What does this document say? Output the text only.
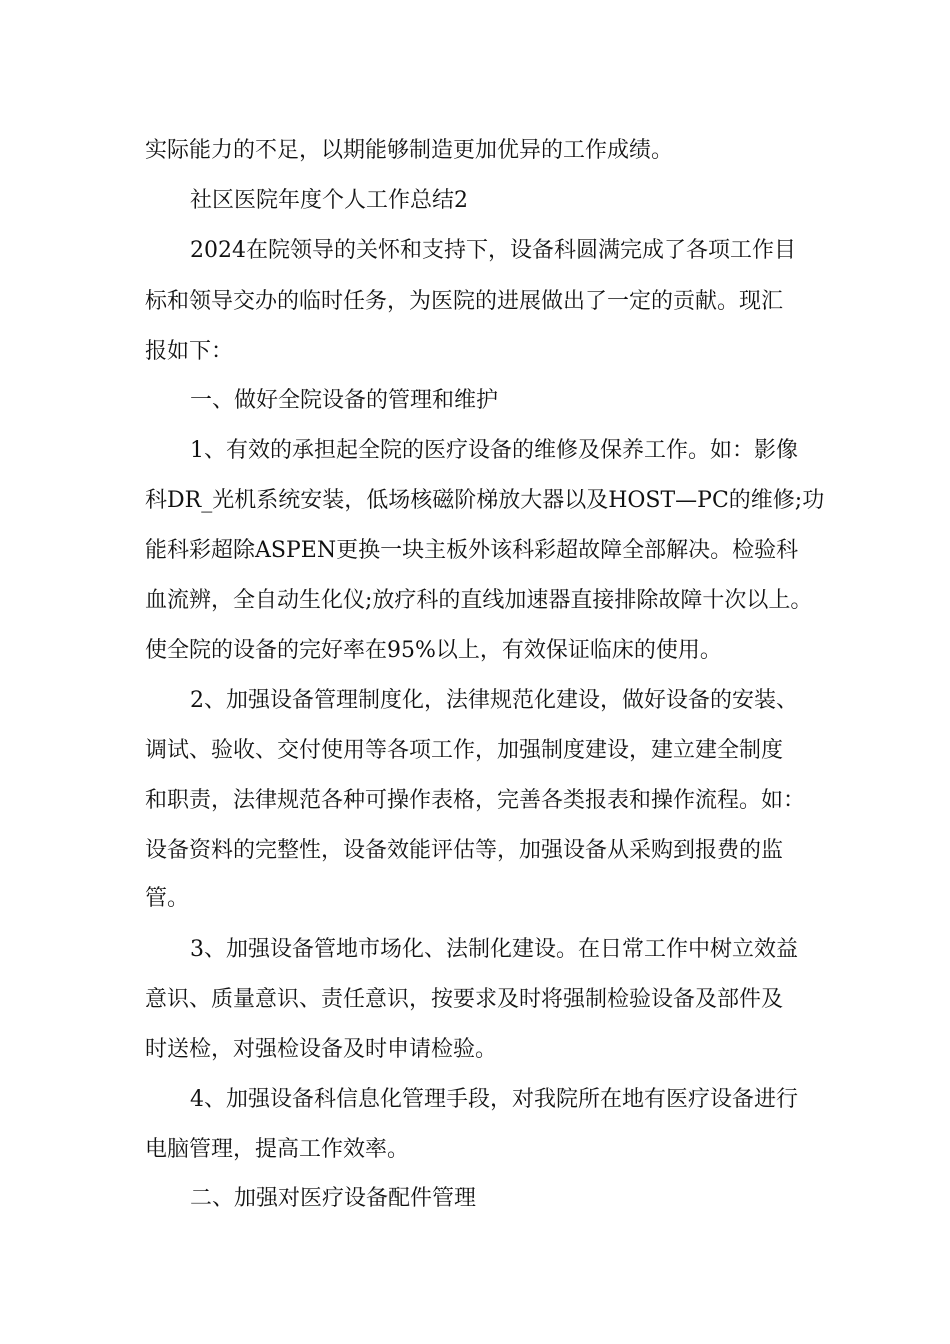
实际能力的不足，以期能够制造更加优异的工作成绩。
社区医院年度个人工作总结2
2024在院领导的关怀和支持下，设备科圆满完成了各项工作目
标和领导交办的临时任务，为医院的进展做出了一定的贡献。现汇
报如下：
一、做好全院设备的管理和维护
1、有效的承担起全院的医疗设备的维修及保养工作。如：影像
科DR_光机系统安装，低场核磁阶梯放大器以及HOST—PC的维修;功
能科彩超除ASPEN更换一块主板外该科彩超故障全部解决。检验科
血流辨，全自动生化仪;放疗科的直线加速器直接排除故障十次以上。
使全院的设备的完好率在95%以上，有效保证临床的使用。
2、加强设备管理制度化，法律规范化建设，做好设备的安装、
调试、验收、交付使用等各项工作，加强制度建设，建立建全制度
和职责，法律规范各种可操作表格，完善各类报表和操作流程。如：
设备资料的完整性，设备效能评估等，加强设备从采购到报费的监
管。
3、加强设备管地市场化、法制化建设。在日常工作中树立效益
意识、质量意识、责任意识，按要求及时将强制检验设备及部件及
时送检，对强检设备及时申请检验。
4、加强设备科信息化管理手段，对我院所在地有医疗设备进行
电脑管理，提高工作效率。
二、加强对医疗设备配件管理
